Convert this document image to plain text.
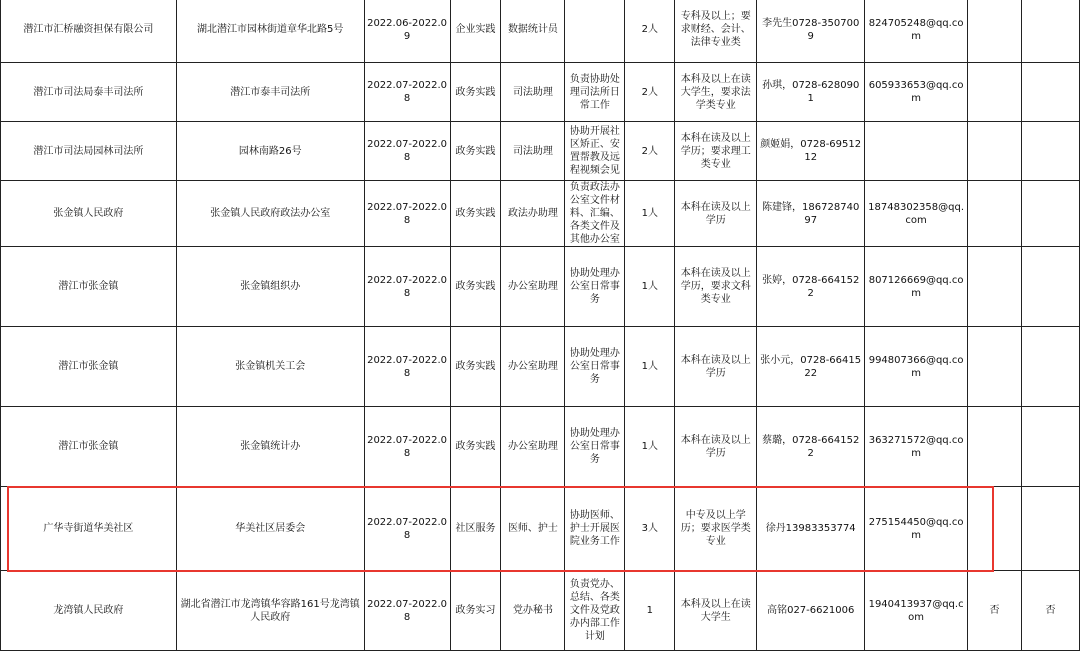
潜江市汇桥融资担保有限公司	湖北潜江市园林街道章华北路5号	2022.06-2022.09	企业实践	数据统计员		2人	专科及以上；要求财经、会计、法律专业类	李先生0728-3507009	824705248@qq.com		
潜江市司法局泰丰司法所	潜江市泰丰司法所	2022.07-2022.08	政务实践	司法助理	负责协助处理司法所日常工作	2人	本科及以上在读大学生，要求法学类专业	孙琪，0728-6280901	605933653@qq.com		
潜江市司法局园林司法所	园林南路26号	2022.07-2022.08	政务实践	司法助理	协助开展社区矫正、安置帮教及远程视频会见	2人	本科在读及以上学历；要求理工类专业	颜姬娟，0728-6951212			
张金镇人民政府	张金镇人民政府政法办公室	2022.07-2022.08	政务实践	政法办助理	负责政法办公室文件材料、汇编、各类文件及其他办公室	1人	本科在读及以上学历	陈建锋，18672874097	18748302358@qq.com		
潜江市张金镇	张金镇组织办	2022.07-2022.08	政务实践	办公室助理	协助处理办公室日常事务	1人	本科在读及以上学历，要求文科类专业	张婷，0728-6641522	807126669@qq.com		
潜江市张金镇	张金镇机关工会	2022.07-2022.08	政务实践	办公室助理	协助处理办公室日常事务	1人	本科在读及以上学历	张小元，0728-6641522	994807366@qq.com		
潜江市张金镇	张金镇统计办	2022.07-2022.08	政务实践	办公室助理	协助处理办公室日常事务	1人	本科在读及以上学历	蔡璐，0728-6641522	363271572@qq.com		
广华寺街道华美社区	华美社区居委会	2022.07-2022.08	社区服务	医师、护士	协助医师、护士开展医院业务工作	3人	中专及以上学历；要求医学类专业	徐丹13983353774	275154450@qq.com		
龙湾镇人民政府	湖北省潜江市龙湾镇华容路161号龙湾镇人民政府	2022.07-2022.08	政务实习	党办秘书	负责党办、总结、各类文件及党政办内部工作计划	1	本科及以上在读大学生	高铭027-6621006	1940413937@qq.com	否	否
